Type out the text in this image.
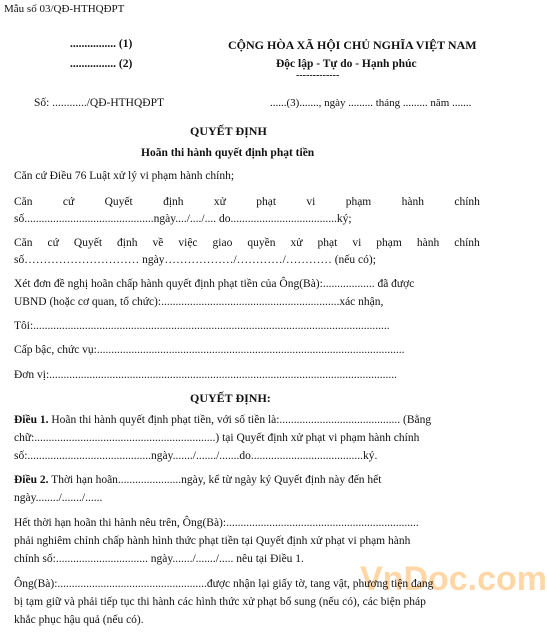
Mẫu số 03/QĐ-HTHQĐPT
................ (1)
................ (2)
CỘNG HÒA XÃ HỘI CHỦ NGHĨA VIỆT NAM
Độc lập - Tự do - Hạnh phúc
-------------
Số: ............/QĐ-HTHQĐPT	......(3)......., ngày ......... tháng ......... năm .......
QUYẾT ĐỊNH
Hoãn thi hành quyết định phạt tiền
Căn cứ Điều 76 Luật xử lý vi phạm hành chính;
Căn	cứ	Quyết	định	xử	phạt	vi	phạm	hành	chính
số.............................................ngày..../..../.... do.....................................ký;
Căn cứ Quyết định về việc giao quyền xử phạt vi phạm hành chính
số………………………… ngày………………/…………/………… (nếu có);
Xét đơn đề nghị hoãn chấp hành quyết định phạt tiền của Ông(Bà):.................. đã được
UBND (hoặc cơ quan, tổ chức):..............................................................xác nhận,
Tôi:............................................................................................................................
Cấp bậc, chức vụ:...........................................................................................................
Đơn vị:.........................................................................................................................
QUYẾT ĐỊNH:
Điều 1. Hoãn thi hành quyết định phạt tiền, với số tiền là:.......................................... (Bằng
chữ:...............................................................) tại Quyết định xử phạt vi phạm hành chính
số:...........................................ngày......./......./.......do.......................................ký.
Điều 2. Thời hạn hoãn......................ngày, kể từ ngày ký Quyết định này đến hết
ngày......../......./......
Hết thời hạn hoãn thi hành nêu trên, Ông(Bà):...................................................................
phải nghiêm chỉnh chấp hành hình thức phạt tiền tại Quyết định xử phạt vi phạm hành
chính số:................................ ngày......./......./..... nêu tại Điều 1.
VnDoc.com
Ông(Bà):....................................................được nhận lại giấy tờ, tang vật, phương tiện đang
bị tạm giữ và phải tiếp tục thi hành các hình thức xử phạt bổ sung (nếu có), các biện pháp
khắc phục hậu quả (nếu có).
